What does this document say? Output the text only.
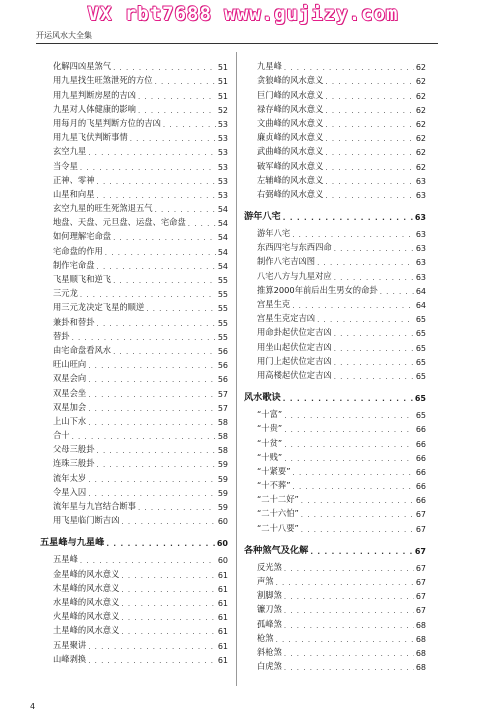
VX rbt7688 www.gujizy.com
开运风水大全集
化解四凶星煞气 . . .	51
用九星找生旺煞泄死的方位 . . .	51
用九星判断房屋的吉凶 . . .	51
九星对人体健康的影响 . . .	52
用每月的飞星判断方位的吉凶 . . .	53
用九星飞伏判断事情 . . .	53
玄空九星 . . .	53
当令星 . . .	53
正神、零神 . . .	53
山星和向星 . . .	53
玄空九星的旺生死煞退五气 . . .	54
地盘、天盘、元旦盘、运盘、宅命盘 . . .	54
如何理解宅命盘 . . .	54
宅命盘的作用 . . .	54
制作宅命盘 . . .	54
飞星顺飞和逆飞 . . .	55
三元龙 . . .	55
用三元龙决定飞星的顺逆 . . .	55
兼卦和替卦 . . .	55
替卦 . . .	55
由宅命盘看风水 . . .	56
旺山旺向 . . .	56
双星会向 . . .	56
双星会坐 . . .	57
双星加会 . . .	57
上山下水 . . .	58
合十 . . .	58
父母三般卦 . . .	58
连珠三般卦 . . .	59
流年太岁 . . .	59
令星入囚 . . .	59
流年星与九宫结合断事 . . .	59
用飞星临门断吉凶 . . .	60
五星峰与九星峰 . . .	60
五星峰 . . .	60
金星峰的风水意义 . . .	61
木星峰的风水意义 . . .	61
水星峰的风水意义 . . .	61
火星峰的风水意义 . . .	61
土星峰的风水意义 . . .	61
五星聚讲 . . .	61
山峰剥换 . . .	61
九星峰 . . .	62
贪狼峰的风水意义 . . .	62
巨门峰的风水意义 . . .	62
禄存峰的风水意义 . . .	62
文曲峰的风水意义 . . .	62
廉贞峰的风水意义 . . .	62
武曲峰的风水意义 . . .	62
破军峰的风水意义 . . .	62
左辅峰的风水意义 . . .	63
右弼峰的风水意义 . . .	63
游年八宅 . . .	63
游年八宅 . . .	63
东西四宅与东西四命 . . .	63
制作八宅吉凶图 . . .	63
八宅八方与九星对应 . . .	63
推算2000年前后出生男女的命卦 . . .	64
宫星生克 . . .	64
宫星生克定吉凶 . . .	65
用命卦起伏位定吉凶 . . .	65
用坐山起伏位定吉凶 . . .	65
用门上起伏位定吉凶 . . .	65
用高楼起伏位定吉凶 . . .	65
风水歌诀 . . .	65
“十富” . . .	65
“十贵” . . .	66
“十贫” . . .	66
“十贱” . . .	66
“十紧要” . . .	66
“十不葬” . . .	66
“二十二好” . . .	66
“二十六怕” . . .	67
“二十八要” . . .	67
各种煞气及化解 . . .	67
反光煞 . . .	67
声煞 . . .	67
割脚煞 . . .	67
镰刀煞 . . .	67
孤峰煞 . . .	68
枪煞 . . .	68
斜枪煞 . . .	68
白虎煞 . . .	68
4
